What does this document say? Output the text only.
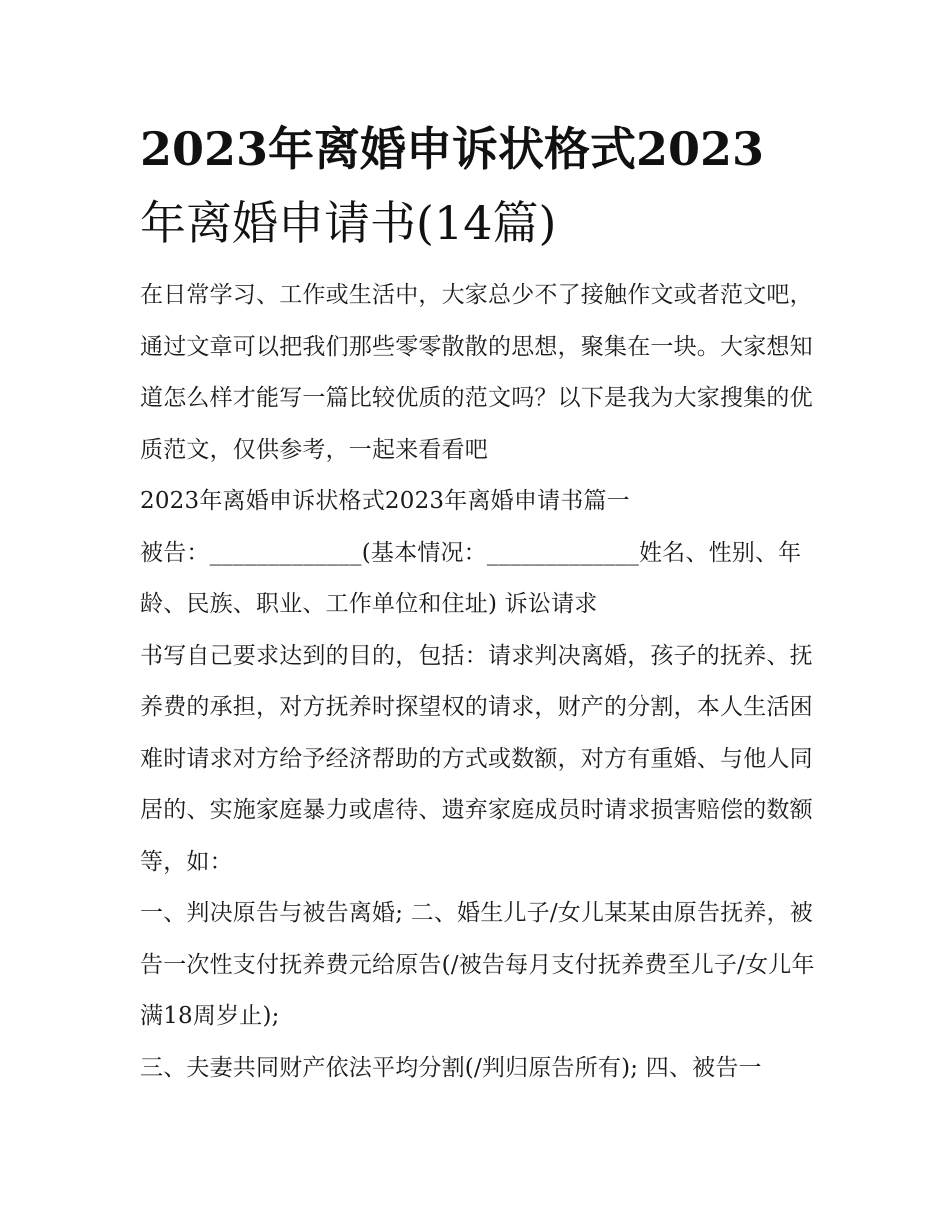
2023年离婚申诉状格式2023
年离婚申请书(14篇)

在日常学习、工作或生活中，大家总少不了接触作文或者范文吧，通过文章可以把我们那些零零散散的思想，聚集在一块。大家想知道怎么样才能写一篇比较优质的范文吗？以下是我为大家搜集的优质范文，仅供参考，一起来看看吧

2023年离婚申诉状格式2023年离婚申请书篇一

被告：_____________(基本情况：_____________姓名、性别、年龄、民族、职业、工作单位和住址) 诉讼请求

书写自己要求达到的目的，包括：请求判决离婚，孩子的抚养、抚养费的承担，对方抚养时探望权的请求，财产的分割，本人生活困难时请求对方给予经济帮助的方式或数额，对方有重婚、与他人同居的、实施家庭暴力或虐待、遗弃家庭成员时请求损害赔偿的数额等，如：

一、判决原告与被告离婚; 二、婚生儿子/女儿某某由原告抚养，被告一次性支付抚养费元给原告(/被告每月支付抚养费至儿子/女儿年满18周岁止);

三、夫妻共同财产依法平均分割(/判归原告所有); 四、被告一
